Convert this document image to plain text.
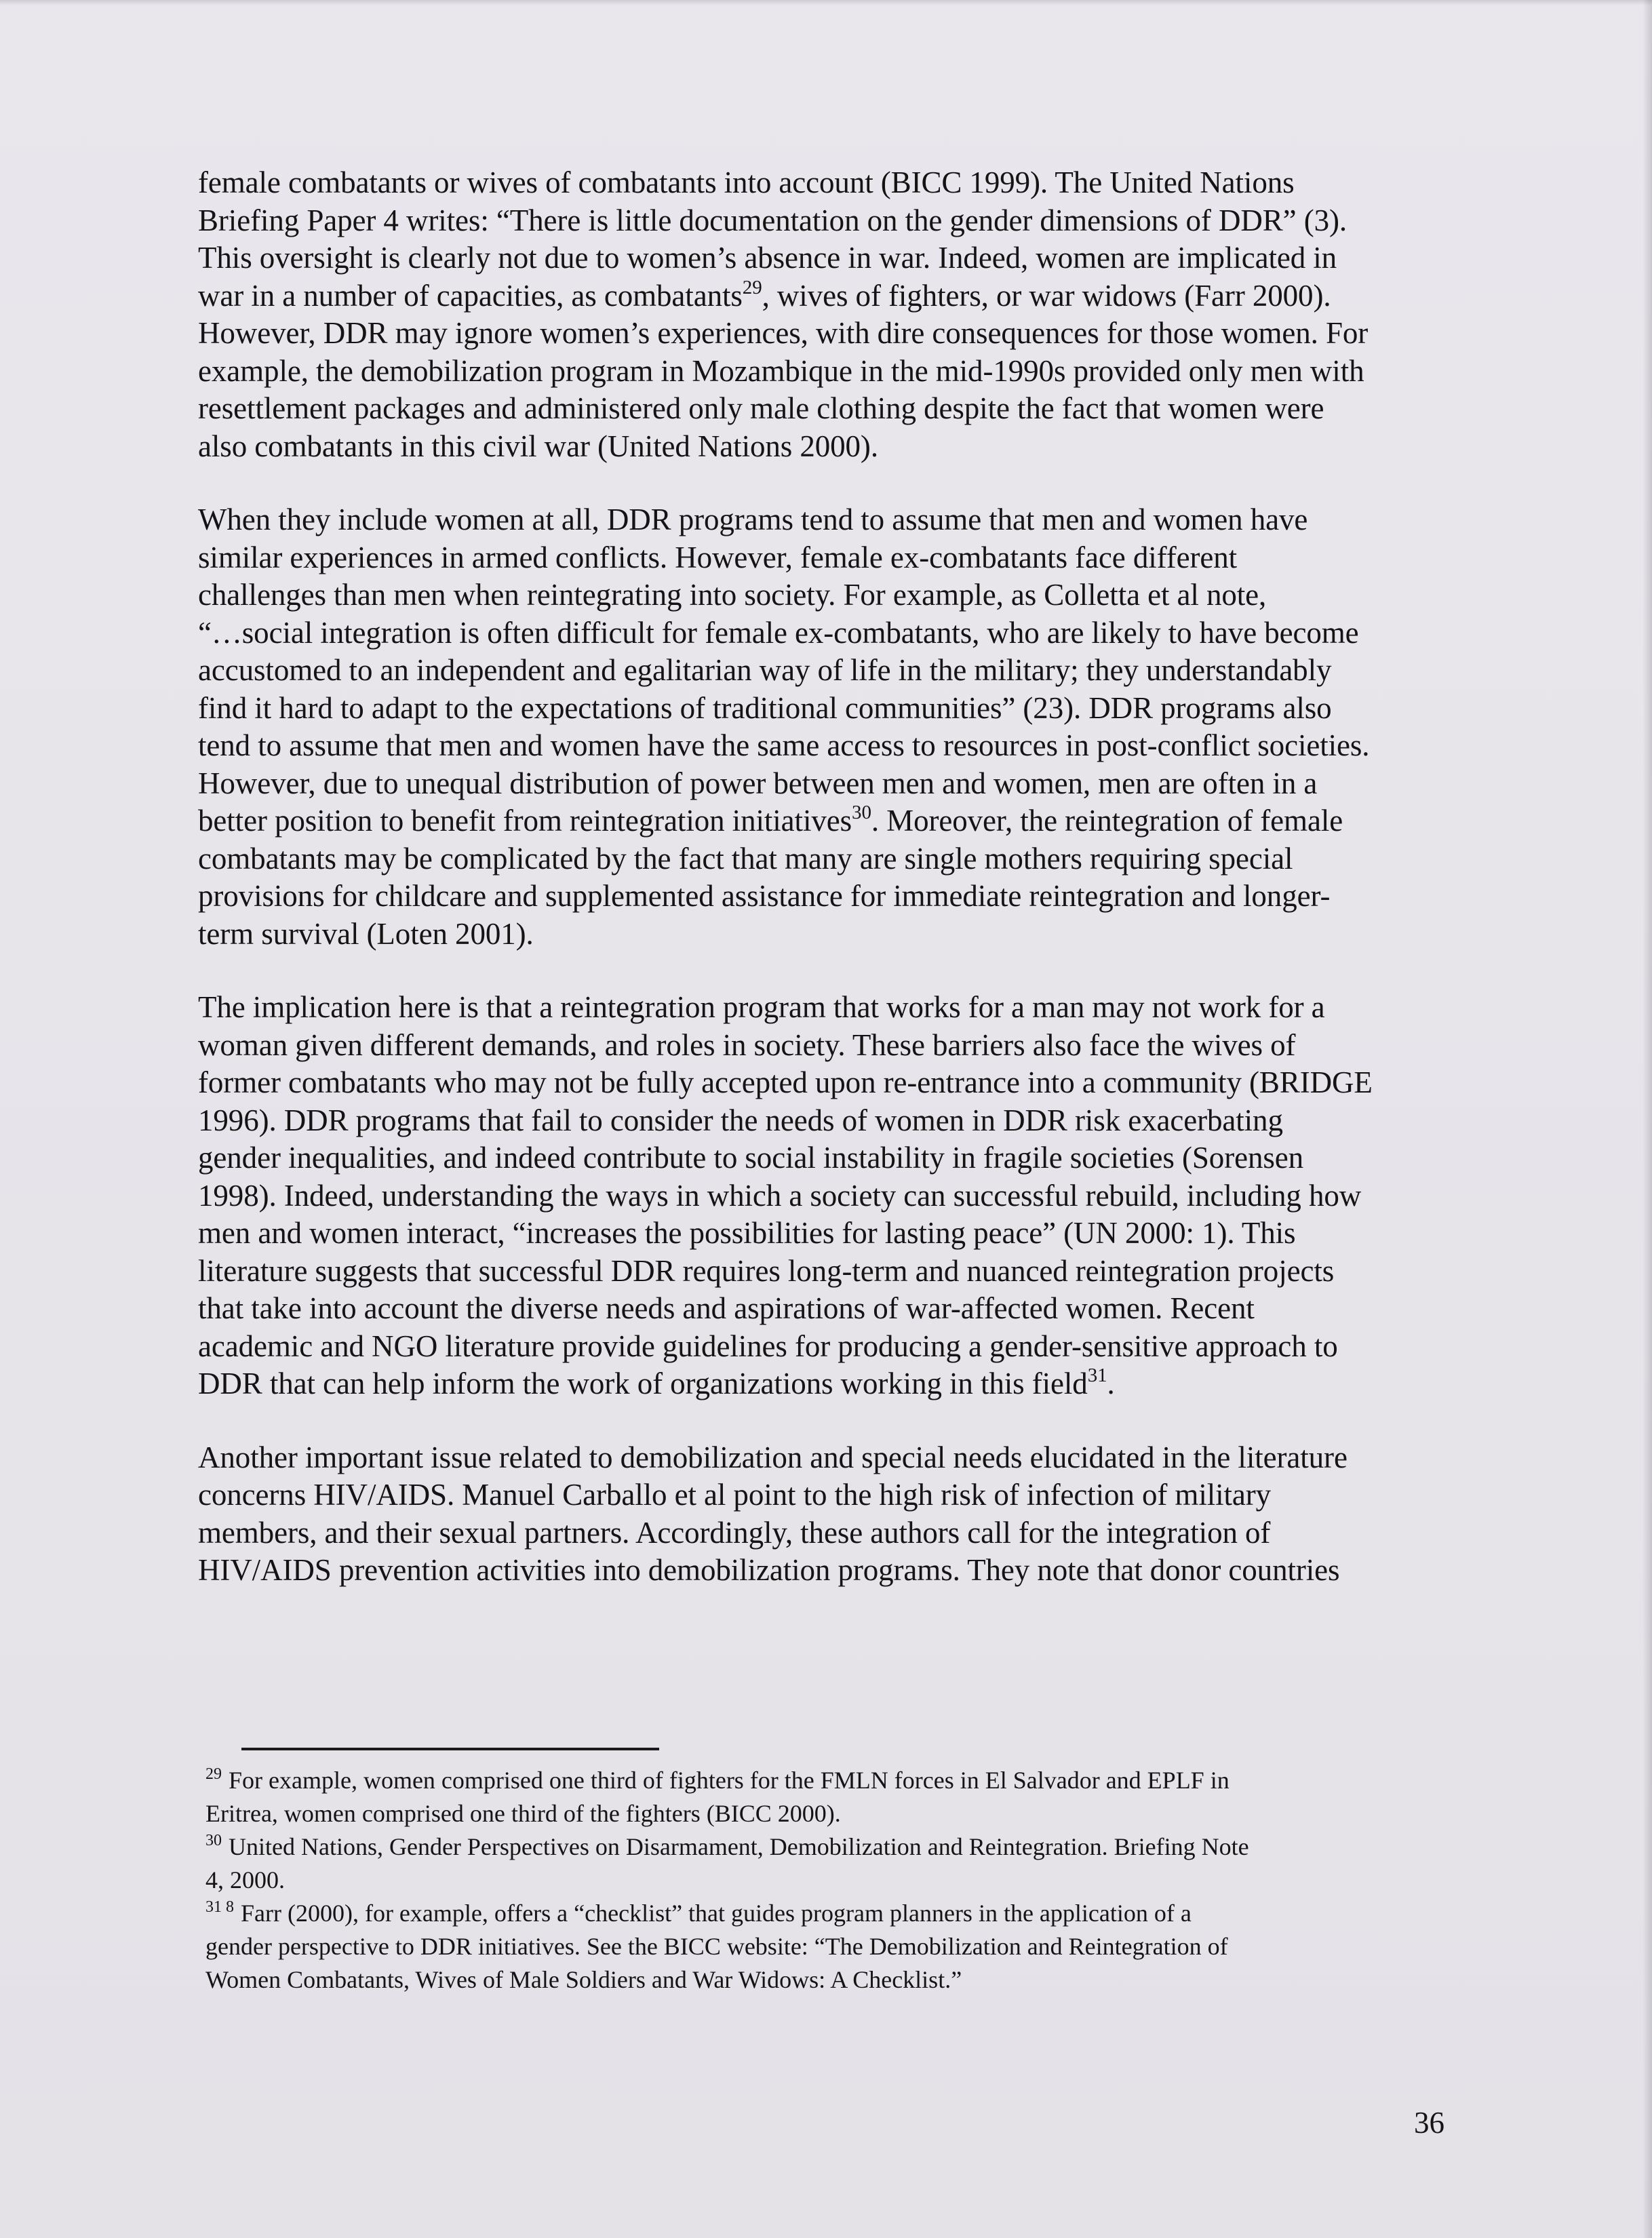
female combatants or wives of combatants into account (BICC 1999). The United Nations
Briefing Paper 4 writes: “There is little documentation on the gender dimensions of DDR” (3).
This oversight is clearly not due to women’s absence in war. Indeed, women are implicated in
war in a number of capacities, as combatants$^{29}$, wives of fighters, or war widows (Farr 2000).
However, DDR may ignore women’s experiences, with dire consequences for those women. For
example, the demobilization program in Mozambique in the mid-1990s provided only men with
resettlement packages and administered only male clothing despite the fact that women were
also combatants in this civil war (United Nations 2000).
When they include women at all, DDR programs tend to assume that men and women have
similar experiences in armed conflicts. However, female ex-combatants face different
challenges than men when reintegrating into society. For example, as Colletta et al note,
“…social integration is often difficult for female ex-combatants, who are likely to have become
accustomed to an independent and egalitarian way of life in the military; they understandably
find it hard to adapt to the expectations of traditional communities” (23). DDR programs also
tend to assume that men and women have the same access to resources in post-conflict societies.
However, due to unequal distribution of power between men and women, men are often in a
better position to benefit from reintegration initiatives$^{30}$. Moreover, the reintegration of female
combatants may be complicated by the fact that many are single mothers requiring special
provisions for childcare and supplemented assistance for immediate reintegration and longer-
term survival (Loten 2001).
The implication here is that a reintegration program that works for a man may not work for a
woman given different demands, and roles in society. These barriers also face the wives of
former combatants who may not be fully accepted upon re-entrance into a community (BRIDGE
1996). DDR programs that fail to consider the needs of women in DDR risk exacerbating
gender inequalities, and indeed contribute to social instability in fragile societies (Sorensen
1998). Indeed, understanding the ways in which a society can successful rebuild, including how
men and women interact, “increases the possibilities for lasting peace” (UN 2000: 1). This
literature suggests that successful DDR requires long-term and nuanced reintegration projects
that take into account the diverse needs and aspirations of war-affected women. Recent
academic and NGO literature provide guidelines for producing a gender-sensitive approach to
DDR that can help inform the work of organizations working in this field$^{31}$.
Another important issue related to demobilization and special needs elucidated in the literature
concerns HIV/AIDS. Manuel Carballo et al point to the high risk of infection of military
members, and their sexual partners. Accordingly, these authors call for the integration of
HIV/AIDS prevention activities into demobilization programs. They note that donor countries
$^{29}$ For example, women comprised one third of fighters for the FMLN forces in El Salvador and EPLF in
Eritrea, women comprised one third of the fighters (BICC 2000).
$^{30}$ United Nations, Gender Perspectives on Disarmament, Demobilization and Reintegration. Briefing Note
4, 2000.
$^{31 8}$ Farr (2000), for example, offers a “checklist” that guides program planners in the application of a
gender perspective to DDR initiatives. See the BICC website: “The Demobilization and Reintegration of
Women Combatants, Wives of Male Soldiers and War Widows: A Checklist.”
36
